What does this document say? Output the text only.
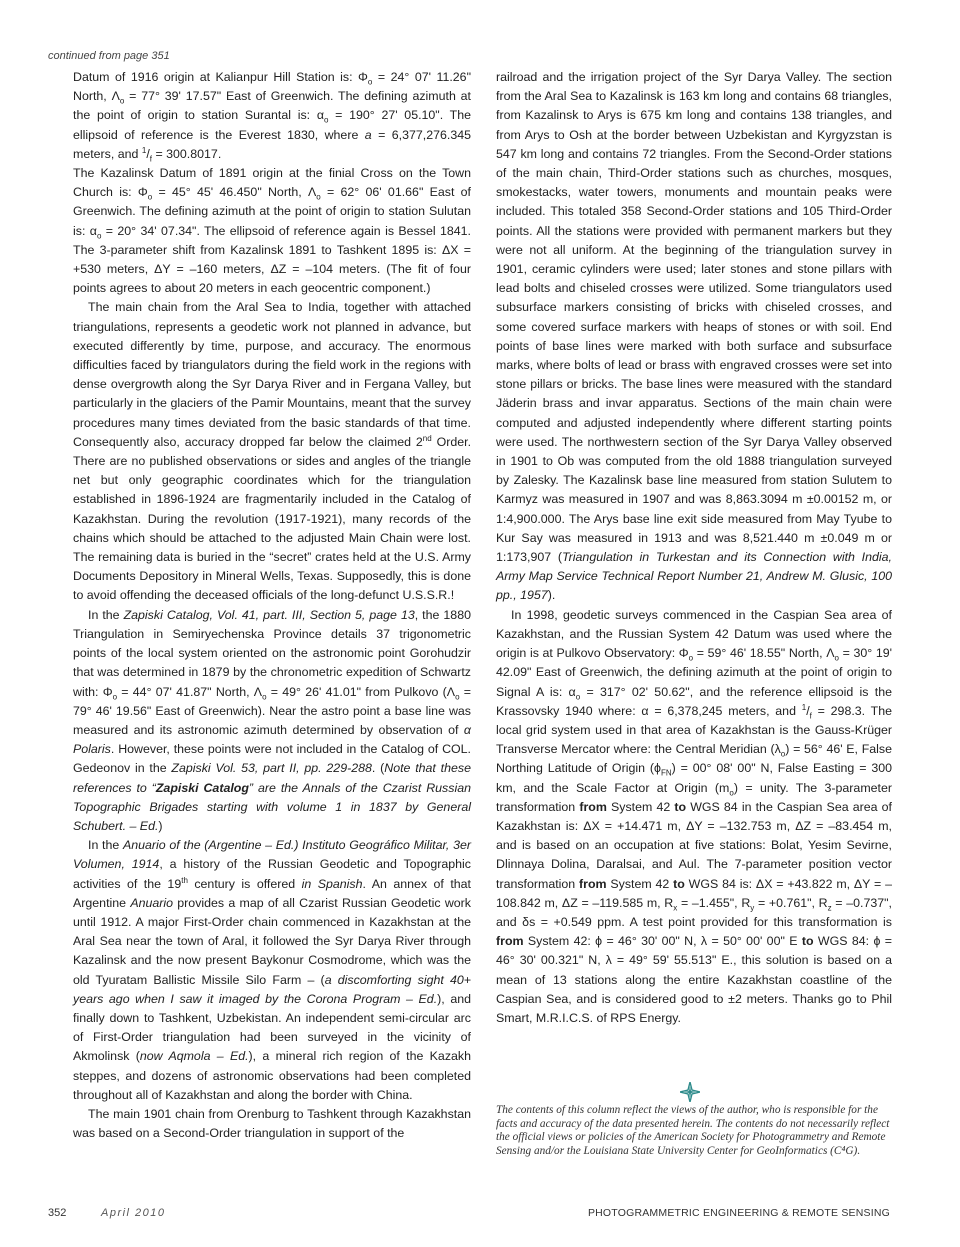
continued from page 351

Datum of 1916 origin at Kalianpur Hill Station is: $\Phi_o = 24^\circ$ 07' 11.26" North, $\Lambda_o = 77^\circ$ 39' 17.57" East of Greenwich. The defining azimuth at the point of origin to station Surantal is: $\alpha_o = 190^\circ$ 27' 05.10". The ellipsoid of reference is the Everest 1830, where a = 6,377,276.345 meters, and $^1/_f = 300.8017$.

The Kazalinsk Datum of 1891 origin at the finial Cross on the Town Church is: $\Phi_o = 45^\circ$ 45' 46.450" North, $\Lambda_o = 62^\circ$ 06' 01.66" East of Greenwich. The defining azimuth at the point of origin to station Sulutan is: $\alpha_o = 20^\circ$ 34' 07.34". The ellipsoid of reference again is Bessel 1841. The 3-parameter shift from Kazalinsk 1891 to Tashkent 1895 is: ΔX = +530 meters, ΔY = –160 meters, ΔZ = –104 meters. (The fit of four points agrees to about 20 meters in each geocentric component.)

The main chain from the Aral Sea to India, together with attached triangulations, represents a geodetic work not planned in advance, but executed differently by time, purpose, and accuracy. The enormous difficulties faced by triangulators during the field work in the regions with dense overgrowth along the Syr Darya River and in Fergana Valley, but particularly in the glaciers of the Pamir Mountains, meant that the survey procedures many times deviated from the basic standards of that time. Consequently also, accuracy dropped far below the claimed 2nd Order. There are no published observations or sides and angles of the triangle net but only geographic coordinates which for the triangulation established in 1896-1924 are fragmentarily included in the Catalog of Kazakhstan. During the revolution (1917-1921), many records of the chains which should be attached to the adjusted Main Chain were lost. The remaining data is buried in the “secret” crates held at the U.S. Army Documents Depository in Mineral Wells, Texas. Supposedly, this is done to avoid offending the deceased officials of the long-defunct U.S.S.R.!

In the Zapiski Catalog, Vol. 41, part. III, Section 5, page 13, the 1880 Triangulation in Semiryechenska Province details 37 trigonometric points of the local system oriented on the astronomic point Gorohudzir that was determined in 1879 by the chronometric expedition of Schwartz with: $\Phi_o = 44^\circ$ 07' 41.87" North, $\Lambda_o = 49^\circ$ 26' 41.01" from Pulkovo ($\Lambda_o = 79^\circ$ 46' 19.56" East of Greenwich). Near the astro point a base line was measured and its astronomic azimuth determined by observation of α Polaris. However, these points were not included in the Catalog of COL. Gedeonov in the Zapiski Vol. 53, part II, pp. 229-288. (Note that these references to “Zapiski Catalog” are the Annals of the Czarist Russian Topographic Brigades starting with volume 1 in 1837 by General Schubert. – Ed.)

In the Anuario of the (Argentine – Ed.) Instituto Geográfico Militar, 3er Volumen, 1914, a history of the Russian Geodetic and Topographic activities of the 19th century is offered in Spanish. An annex of that Argentine Anuario provides a map of all Czarist Russian Geodetic work until 1912. A major First-Order chain commenced in Kazakhstan at the Aral Sea near the town of Aral, it followed the Syr Darya River through Kazalinsk and the now present Baykonur Cosmodrome, which was the old Tyuratam Ballistic Missile Silo Farm – (a discomforting sight 40+ years ago when I saw it imaged by the Corona Program – Ed.), and finally down to Tashkent, Uzbekistan. An independent semi-circular arc of First-Order triangulation had been surveyed in the vicinity of Akmolinsk (now Aqmola – Ed.), a mineral rich region of the Kazakh steppes, and dozens of astronomic observations had been completed throughout all of Kazakhstan and along the border with China.

The main 1901 chain from Orenburg to Tashkent through Kazakhstan was based on a Second-Order triangulation in support of the

railroad and the irrigation project of the Syr Darya Valley. The section from the Aral Sea to Kazalinsk is 163 km long and contains 68 triangles, from Kazalinsk to Arys is 675 km long and contains 138 triangles, and from Arys to Osh at the border between Uzbekistan and Kyrgyzstan is 547 km long and contains 72 triangles. From the Second-Order stations of the main chain, Third-Order stations such as churches, mosques, smokestacks, water towers, monuments and mountain peaks were included. This totaled 358 Second-Order stations and 105 Third-Order points. All the stations were provided with permanent markers but they were not all uniform. At the beginning of the triangulation survey in 1901, ceramic cylinders were used; later stones and stone pillars with lead bolts and chiseled crosses were utilized. Some triangulators used subsurface markers consisting of bricks with chiseled crosses, and some covered surface markers with heaps of stones or with soil. End points of base lines were marked with both surface and subsurface marks, where bolts of lead or brass with engraved crosses were set into stone pillars or bricks. The base lines were measured with the standard Jäderin brass and invar apparatus. Sections of the main chain were computed and adjusted independently where different starting points were used. The northwestern section of the Syr Darya Valley observed in 1901 to Ob was computed from the old 1888 triangulation surveyed by Zalesky. The Kazalinsk base line measured from station Sulutem to Karmyz was measured in 1907 and was 8,863.3094 m ±0.00152 m, or 1:4,900.000. The Arys base line exit side measured from May Tyube to Kur Say was measured in 1913 and was 8,521.440 m ±0.049 m or 1:173,907 (Triangulation in Turkestan and its Connection with India, Army Map Service Technical Report Number 21, Andrew M. Glusic, 100 pp., 1957).

In 1998, geodetic surveys commenced in the Caspian Sea area of Kazakhstan, and the Russian System 42 Datum was used where the origin is at Pulkovo Observatory: $\Phi_o = 59^\circ$ 46' 18.55" North, $\Lambda_o = 30^\circ$ 19' 42.09" East of Greenwich, the defining azimuth at the point of origin to Signal A is: $\alpha_o = 317^\circ$ 02' 50.62", and the reference ellipsoid is the Krassovsky 1940 where: α = 6,378,245 meters, and $^1/_f = 298.3$. The local grid system used in that area of Kazakhstan is the Gauss-Krüger Transverse Mercator where: the Central Meridian $(\lambda_o) = 56^\circ$ 46' E, False Northing Latitude of Origin $(\phi_{FN}) = 00^\circ$ 08' 00" N, False Easting = 300 km, and the Scale Factor at Origin $(m_o)$ = unity. The 3-parameter transformation from System 42 to WGS 84 in the Caspian Sea area of Kazakhstan is: ΔX = +14.471 m, ΔY = –132.753 m, ΔZ = –83.454 m, and is based on an occupation at five stations: Bolat, Yesim Sevirne, Dlinnaya Dolina, Daralsai, and Aul. The 7-parameter position vector transformation from System 42 to WGS 84 is: ΔX = +43.822 m, ΔY = –108.842 m, ΔZ = –119.585 m, $R_x = -1.455$", $R_y = +0.761$", $R_z = -0.737$", and δs = +0.549 ppm. A test point provided for this transformation is from System 42: ϕ = 46° 30' 00" N, λ = 50° 00' 00" E to WGS 84: ϕ = 46° 30' 00.321" N, λ = 49° 59' 55.513" E., this solution is based on a mean of 13 stations along the entire Kazakhstan coastline of the Caspian Sea, and is considered good to ±2 meters. Thanks go to Phil Smart, M.R.I.C.S. of RPS Energy.

The contents of this column reflect the views of the author, who is responsible for the facts and accuracy of the data presented herein. The contents do not necessarily reflect the official views or policies of the American Society for Photogrammetry and Remote Sensing and/or the Louisiana State University Center for GeoInformatics (C⁴G).
352	April 2010	PHOTOGRAMMETRIC ENGINEERING & REMOTE SENSING
